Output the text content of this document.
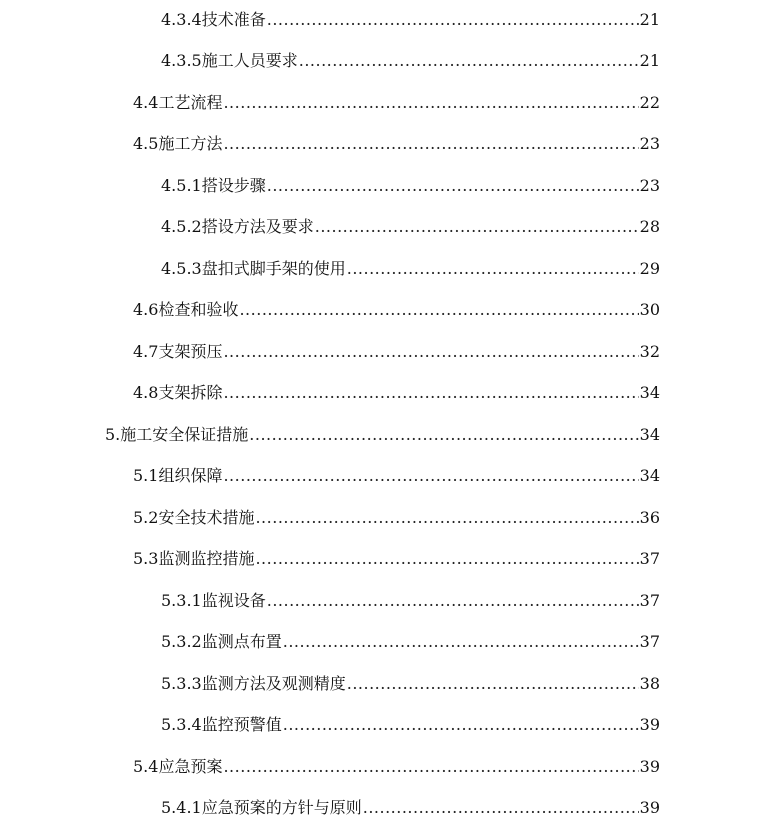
4.3.4 技术准备 .....	21
4.3.5 施工人员要求 .....	21
4.4 工艺流程 .....	22
4.5 施工方法 .....	23
4.5.1 搭设步骤 .....	23
4.5.2 搭设方法及要求 .....	28
4.5.3 盘扣式脚手架的使用 .....	29
4.6 检查和验收 .....	30
4.7 支架预压 .....	32
4.8 支架拆除 .....	34
5. 施工安全保证措施 .....	34
5.1 组织保障 .....	34
5.2 安全技术措施 .....	36
5.3 监测监控措施 .....	37
5.3.1 监视设备 .....	37
5.3.2 监测点布置 .....	37
5.3.3 监测方法及观测精度 .....	38
5.3.4 监控预警值 .....	39
5.4 应急预案 .....	39
5.4.1 应急预案的方针与原则 .....	39
